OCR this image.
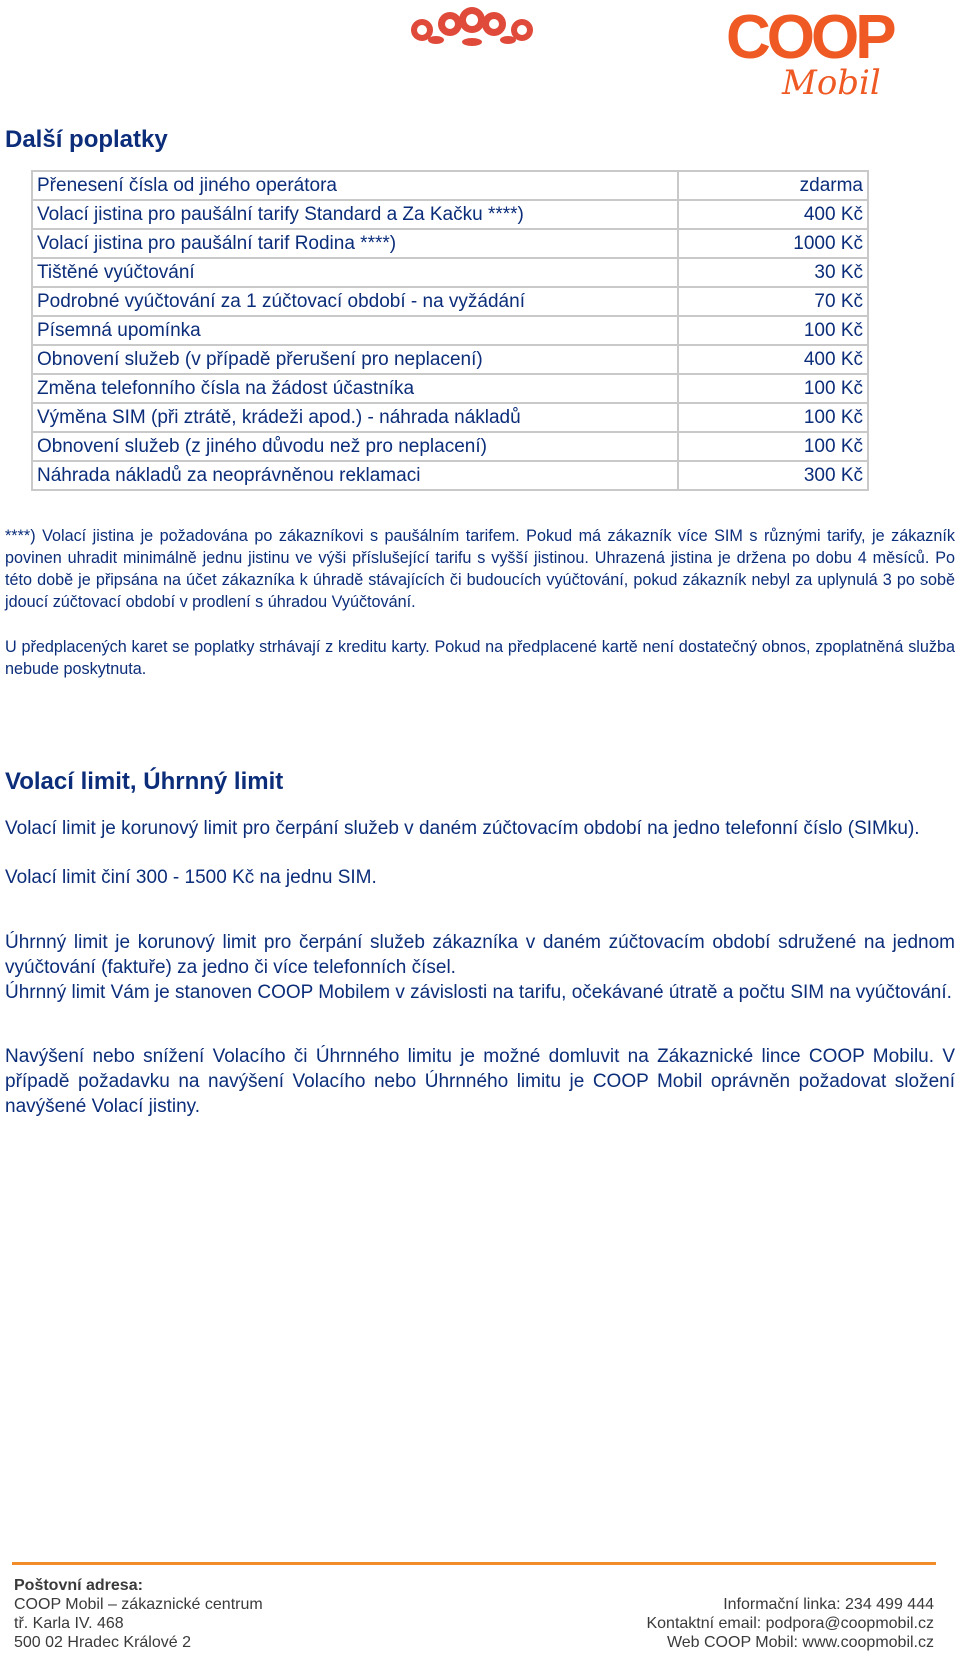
COOP
Mobil
Další poplatky
Přenesení čísla od jiného operátora	zdarma
Volací jistina pro paušální tarify Standard a Za Kačku ****)	400 Kč
Volací jistina pro paušální tarif Rodina ****)	1000 Kč
Tištěné vyúčtování	30 Kč
Podrobné vyúčtování za 1 zúčtovací období - na vyžádání	70 Kč
Písemná upomínka	100 Kč
Obnovení služeb (v případě přerušení pro neplacení)	400 Kč
Změna telefonního čísla na žádost účastníka	100 Kč
Výměna SIM (při ztrátě, krádeži apod.) - náhrada nákladů	100 Kč
Obnovení služeb (z jiného důvodu než pro neplacení)	100 Kč
Náhrada nákladů za neoprávněnou reklamaci	300 Kč

****) Volací jistina je požadována po zákazníkovi s paušálním tarifem. Pokud má zákazník více SIM s různými tarify, je zákazník povinen uhradit minimálně jednu jistinu ve výši příslušející tarifu s vyšší jistinou. Uhrazená jistina je držena po dobu 4 měsíců. Po této době je připsána na účet zákazníka k úhradě stávajících či budoucích vyúčtování, pokud zákazník nebyl za uplynulá 3 po sobě jdoucí zúčtovací období v prodlení s úhradou Vyúčtování.

U předplacených karet se poplatky strhávají z kreditu karty. Pokud na předplacené kartě není dostatečný obnos, zpoplatněná služba nebude poskytnuta.

Volací limit, Úhrnný limit

Volací limit je korunový limit pro čerpání služeb v daném zúčtovacím období na jedno telefonní číslo (SIMku).

Volací limit činí 300 - 1500 Kč na jednu SIM.

Úhrnný limit je korunový limit pro čerpání služeb zákazníka v daném zúčtovacím období sdružené na jednom vyúčtování (faktuře) za jedno či více telefonních čísel.

Úhrnný limit Vám je stanoven COOP Mobilem v závislosti na tarifu, očekávané útratě a počtu SIM na vyúčtování.

Navýšení nebo snížení Volacího či Úhrnného limitu je možné domluvit na Zákaznické lince COOP Mobilu. V případě požadavku na navýšení Volacího nebo Úhrnného limitu je COOP Mobil oprávněn požadovat složení navýšené Volací jistiny.

Poštovní adresa:
COOP Mobil – zákaznické centrum
tř. Karla IV. 468
500 02 Hradec Králové 2
Informační linka: 234 499 444
Kontaktní email: podpora@coopmobil.cz
Web COOP Mobil: www.coopmobil.cz
